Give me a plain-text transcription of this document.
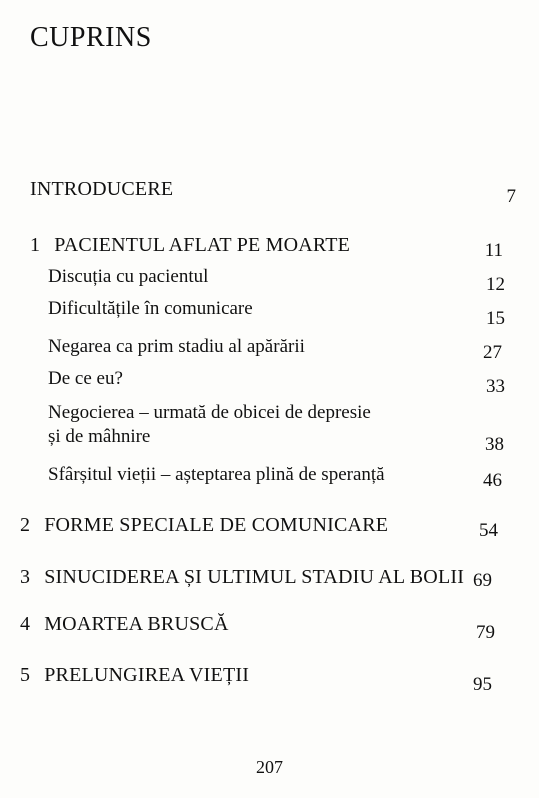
CUPRINS
INTRODUCERE	7
1 PACIENTUL AFLAT PE MOARTE	11
Discuția cu pacientul	12
Dificultățile în comunicare	15
Negarea ca prim stadiu al apărării	27
De ce eu?	33
Negocierea – urmată de obicei de depresie
și de mâhnire	38
Sfârșitul vieții – așteptarea plină de speranță	46
2 FORME SPECIALE DE COMUNICARE	54
3 SINUCIDEREA ȘI ULTIMUL STADIU AL BOLII 69
4 MOARTEA BRUSCĂ	79
5 PRELUNGIREA VIEȚII	95
207
